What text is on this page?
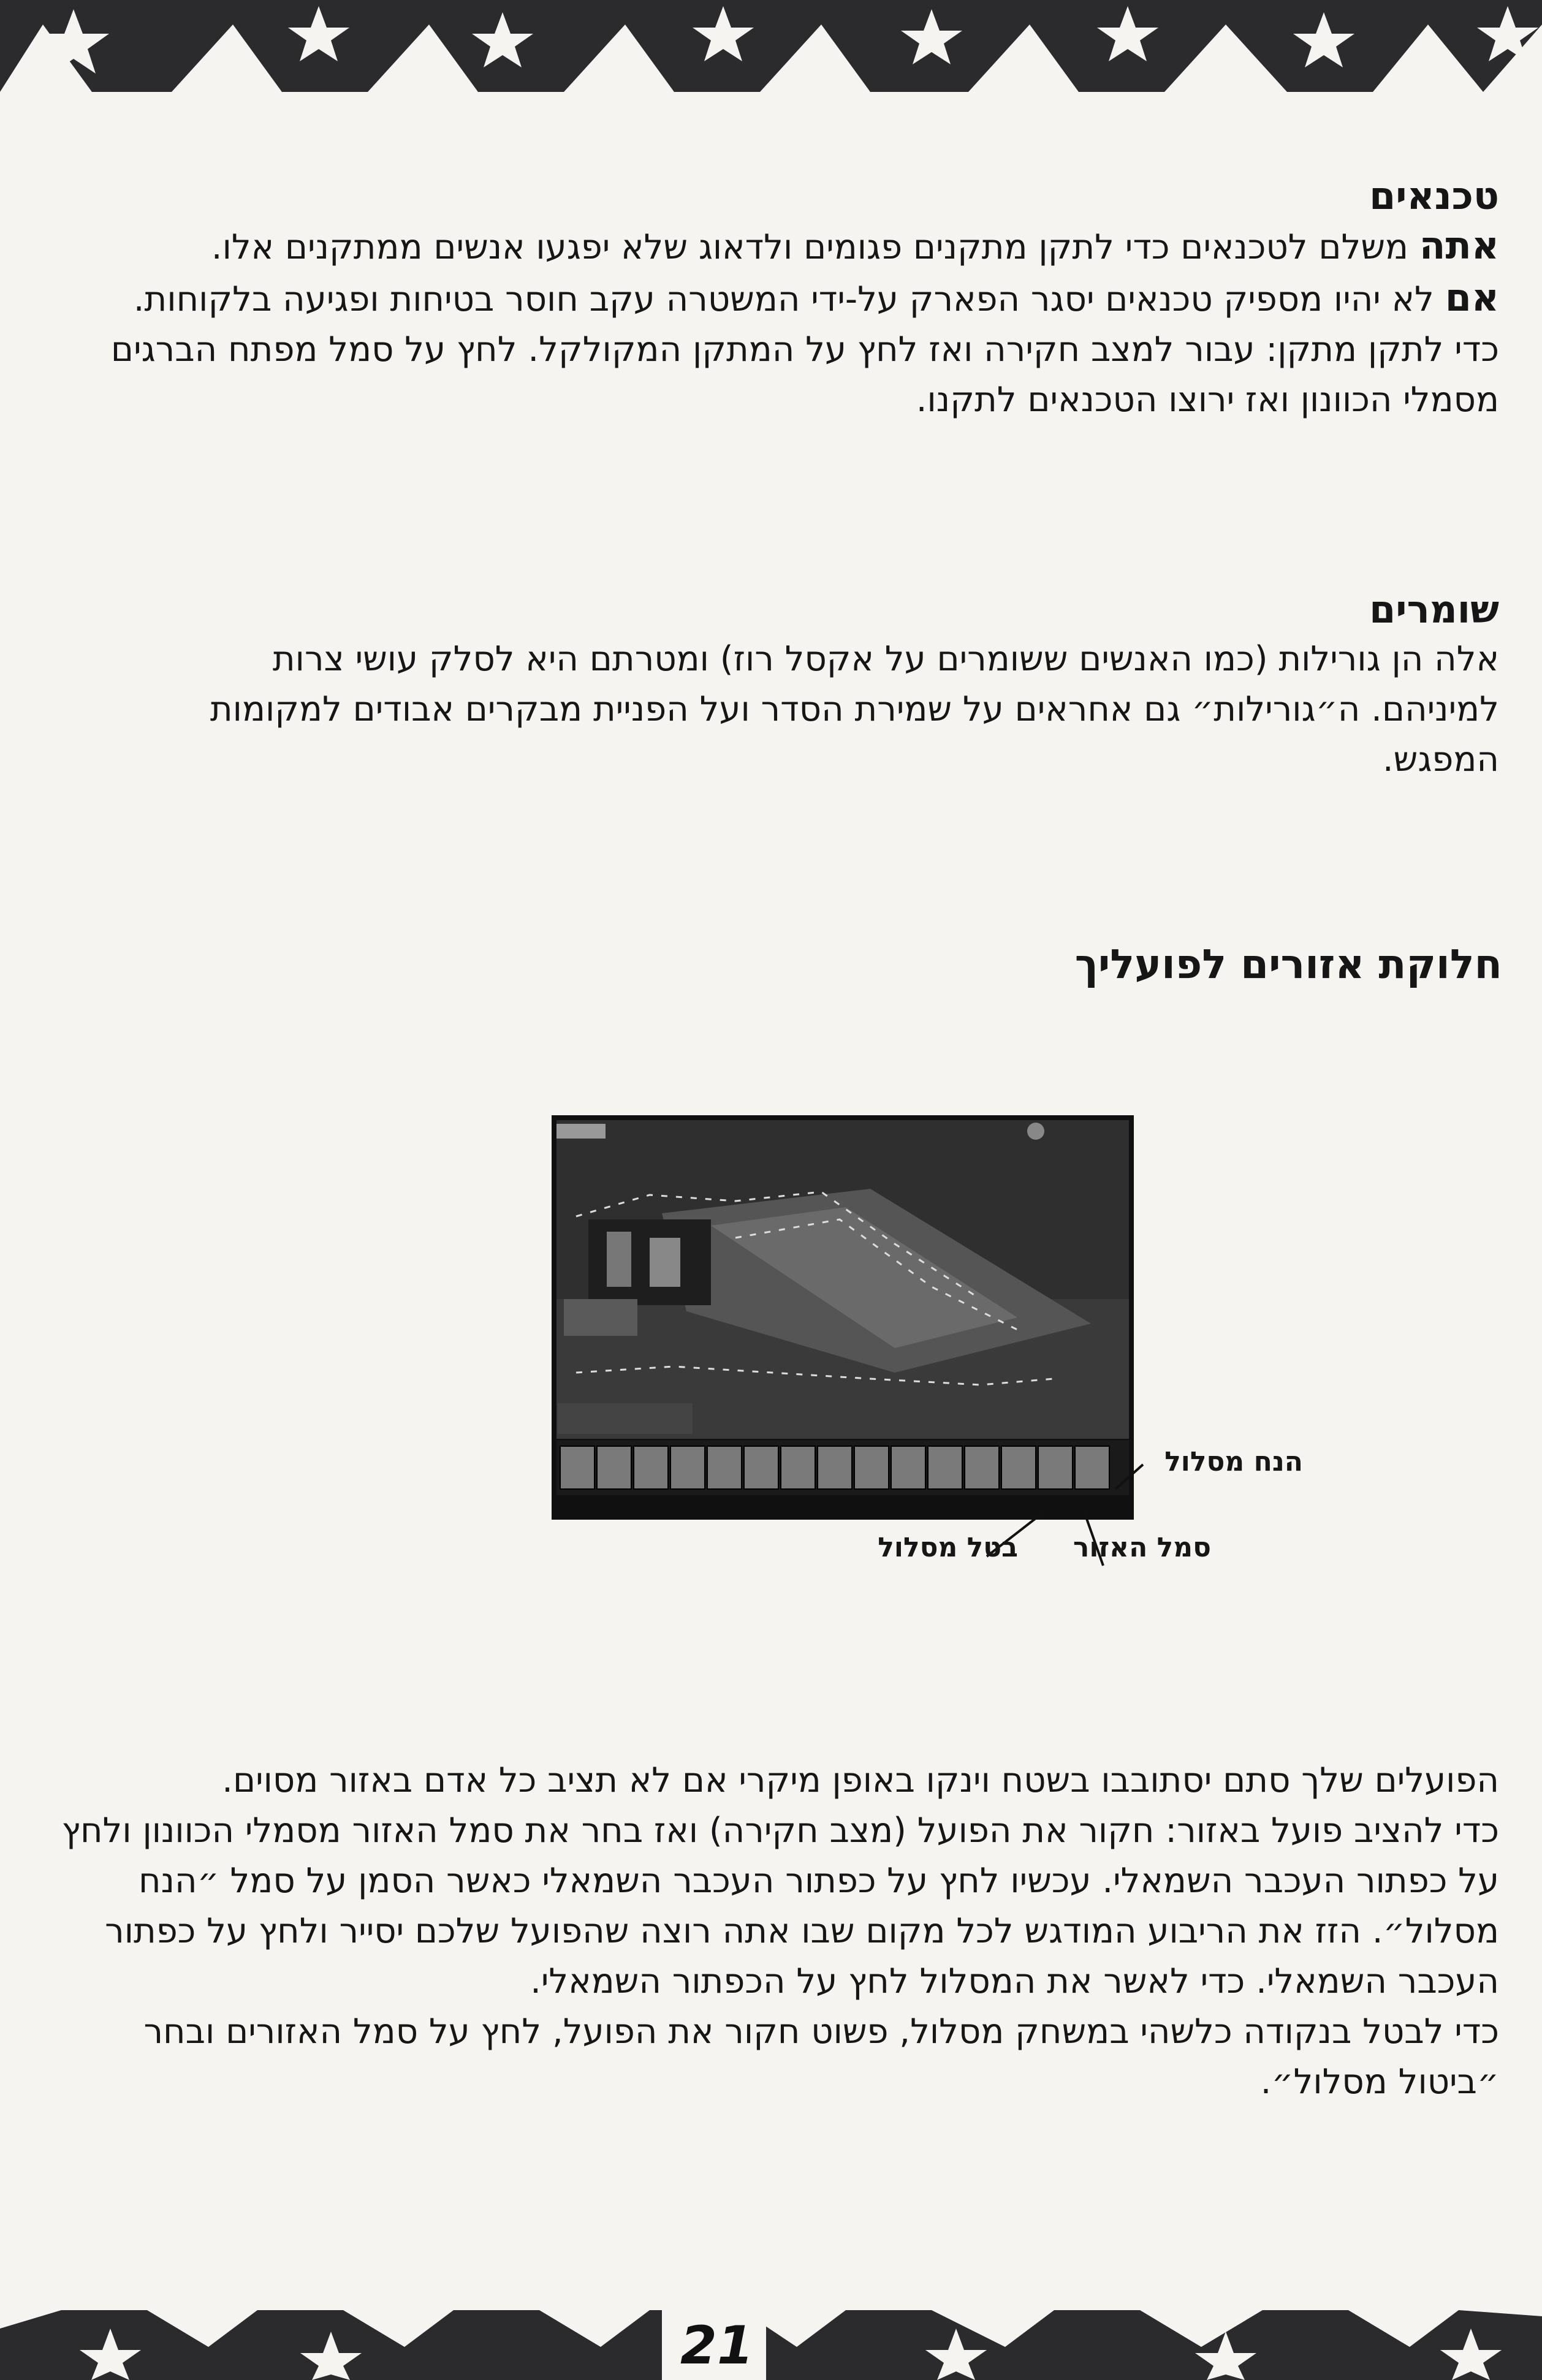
טכנאים

אתה משלם לטכנאים כדי לתקן מתקנים פגומים ולדאוג שלא יפגעו אנשים ממתקנים אלו.

אם לא יהיו מספיק טכנאים יסגר הפארק על-ידי המשטרה עקב חוסר בטיחות ופגיעה בלקוחות.

כדי לתקן מתקן: עבור למצב חקירה ואז לחץ על המתקן המקולקל. לחץ על סמל מפתח הברגים מסמלי הכוונון ואז ירוצו הטכנאים לתקנו.

שומרים

אלה הן גורילות (כמו האנשים ששומרים על אקסל רוז) ומטרתם היא לסלק עושי צרות למיניהם. ה״גורילות״ גם אחראים על שמירת הסדר ועל הפניית מבקרים אבודים למקומות המפגש.

חלוקת אזורים לפועליך

הנח מסלול
סמל האזור
בטל מסלול

הפועלים שלך סתם יסתובבו בשטח וינקו באופן מיקרי אם לא תציב כל אדם באזור מסוים.

כדי להציב פועל באזור: חקור את הפועל (מצב חקירה) ואז בחר את סמל האזור מסמלי הכוונון ולחץ על כפתור העכבר השמאלי. עכשיו לחץ על כפתור העכבר השמאלי כאשר הסמן על סמל ״הנח מסלול״. הזז את הריבוע המודגש לכל מקום שבו אתה רוצה שהפועל שלכם יסייר ולחץ על כפתור העכבר השמאלי. כדי לאשר את המסלול לחץ על הכפתור השמאלי.

כדי לבטל בנקודה כלשהי במשחק מסלול, פשוט חקור את הפועל, לחץ על סמל האזורים ובחר ״ביטול מסלול״.

21
